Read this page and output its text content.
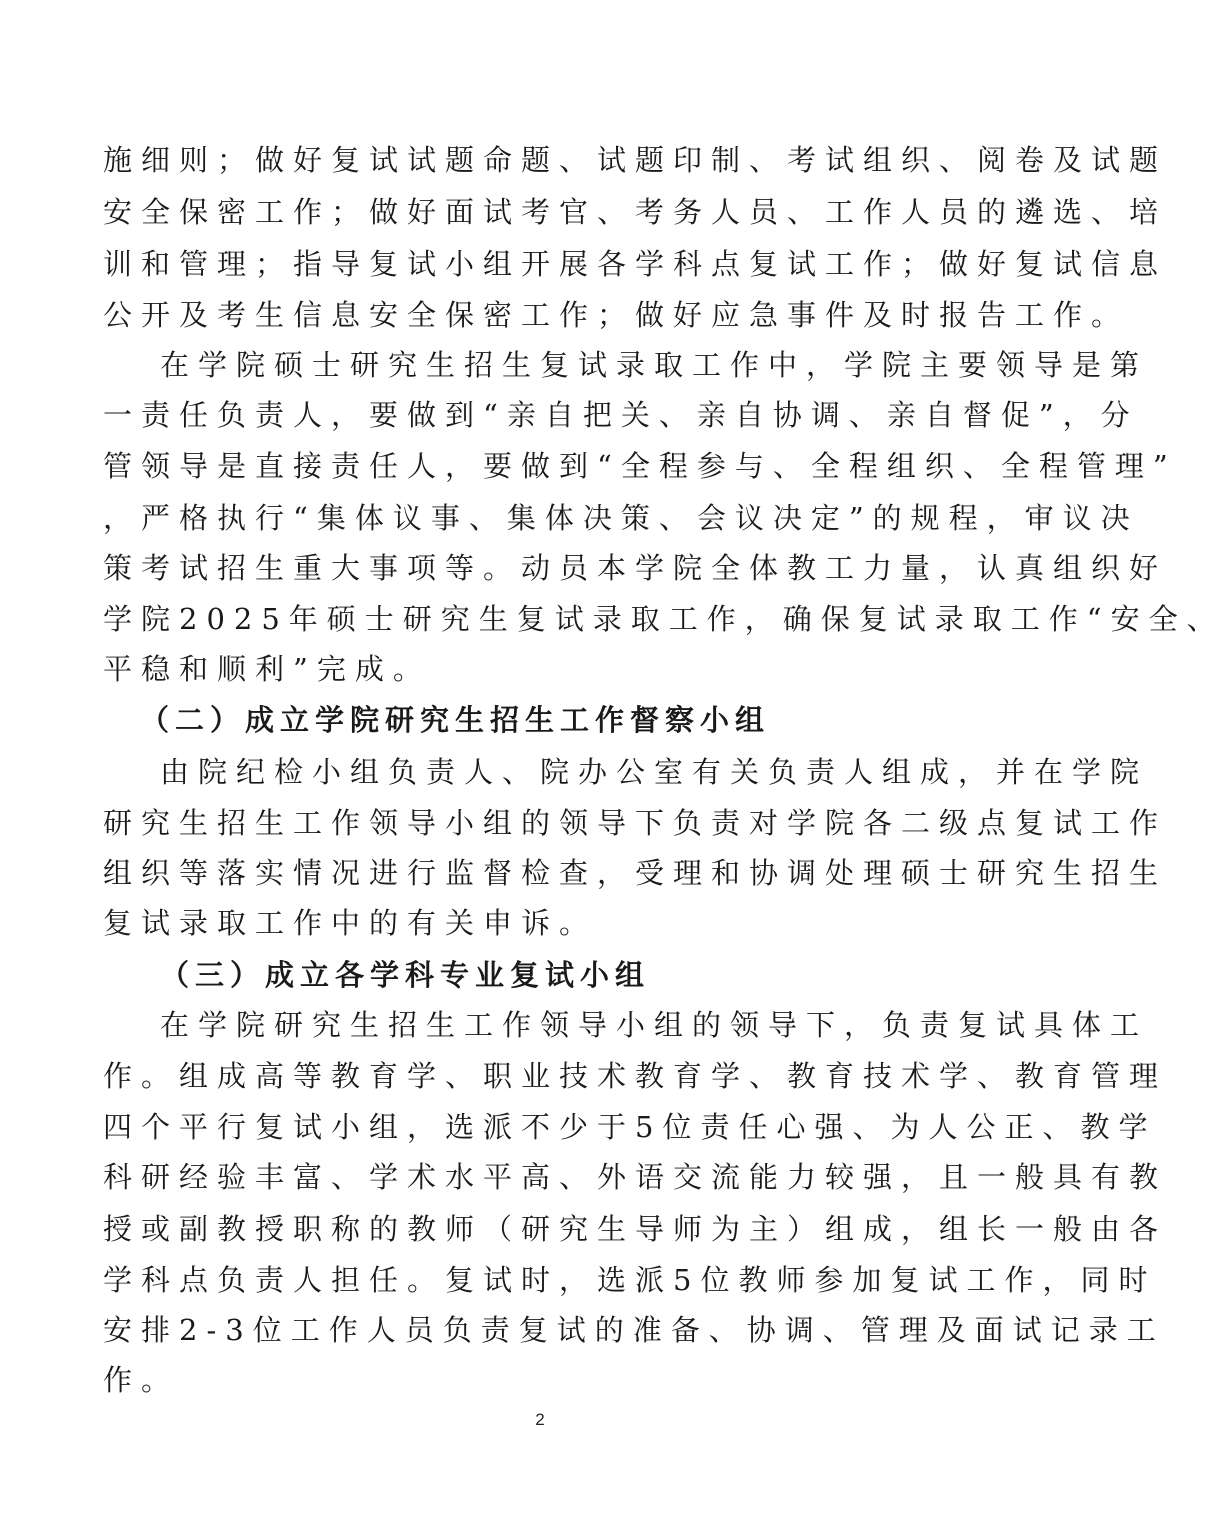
施细则；做好复试试题命题、试题印制、考试组织、阅卷及试题
安全保密工作；做好面试考官、考务人员、工作人员的遴选、培
训和管理；指导复试小组开展各学科点复试工作；做好复试信息
公开及考生信息安全保密工作；做好应急事件及时报告工作。
在学院硕士研究生招生复试录取工作中，学院主要领导是第
一责任负责人，要做到“亲自把关、亲自协调、亲自督促”，分
管领导是直接责任人，要做到“全程参与、全程组织、全程管理”
，严格执行“集体议事、集体决策、会议决定”的规程，审议决
策考试招生重大事项等。动员本学院全体教工力量，认真组织好
学院2025年硕士研究生复试录取工作，确保复试录取工作“安全、
平稳和顺利”完成。
（二）成立学院研究生招生工作督察小组
由院纪检小组负责人、院办公室有关负责人组成，并在学院
研究生招生工作领导小组的领导下负责对学院各二级点复试工作
组织等落实情况进行监督检查，受理和协调处理硕士研究生招生
复试录取工作中的有关申诉。
（三）成立各学科专业复试小组
在学院研究生招生工作领导小组的领导下，负责复试具体工
作。组成高等教育学、职业技术教育学、教育技术学、教育管理
四个平行复试小组，选派不少于5位责任心强、为人公正、教学
科研经验丰富、学术水平高、外语交流能力较强，且一般具有教
授或副教授职称的教师（研究生导师为主）组成，组长一般由各
学科点负责人担任。复试时，选派5位教师参加复试工作，同时
安排2-3位工作人员负责复试的准备、协调、管理及面试记录工
作。
2
